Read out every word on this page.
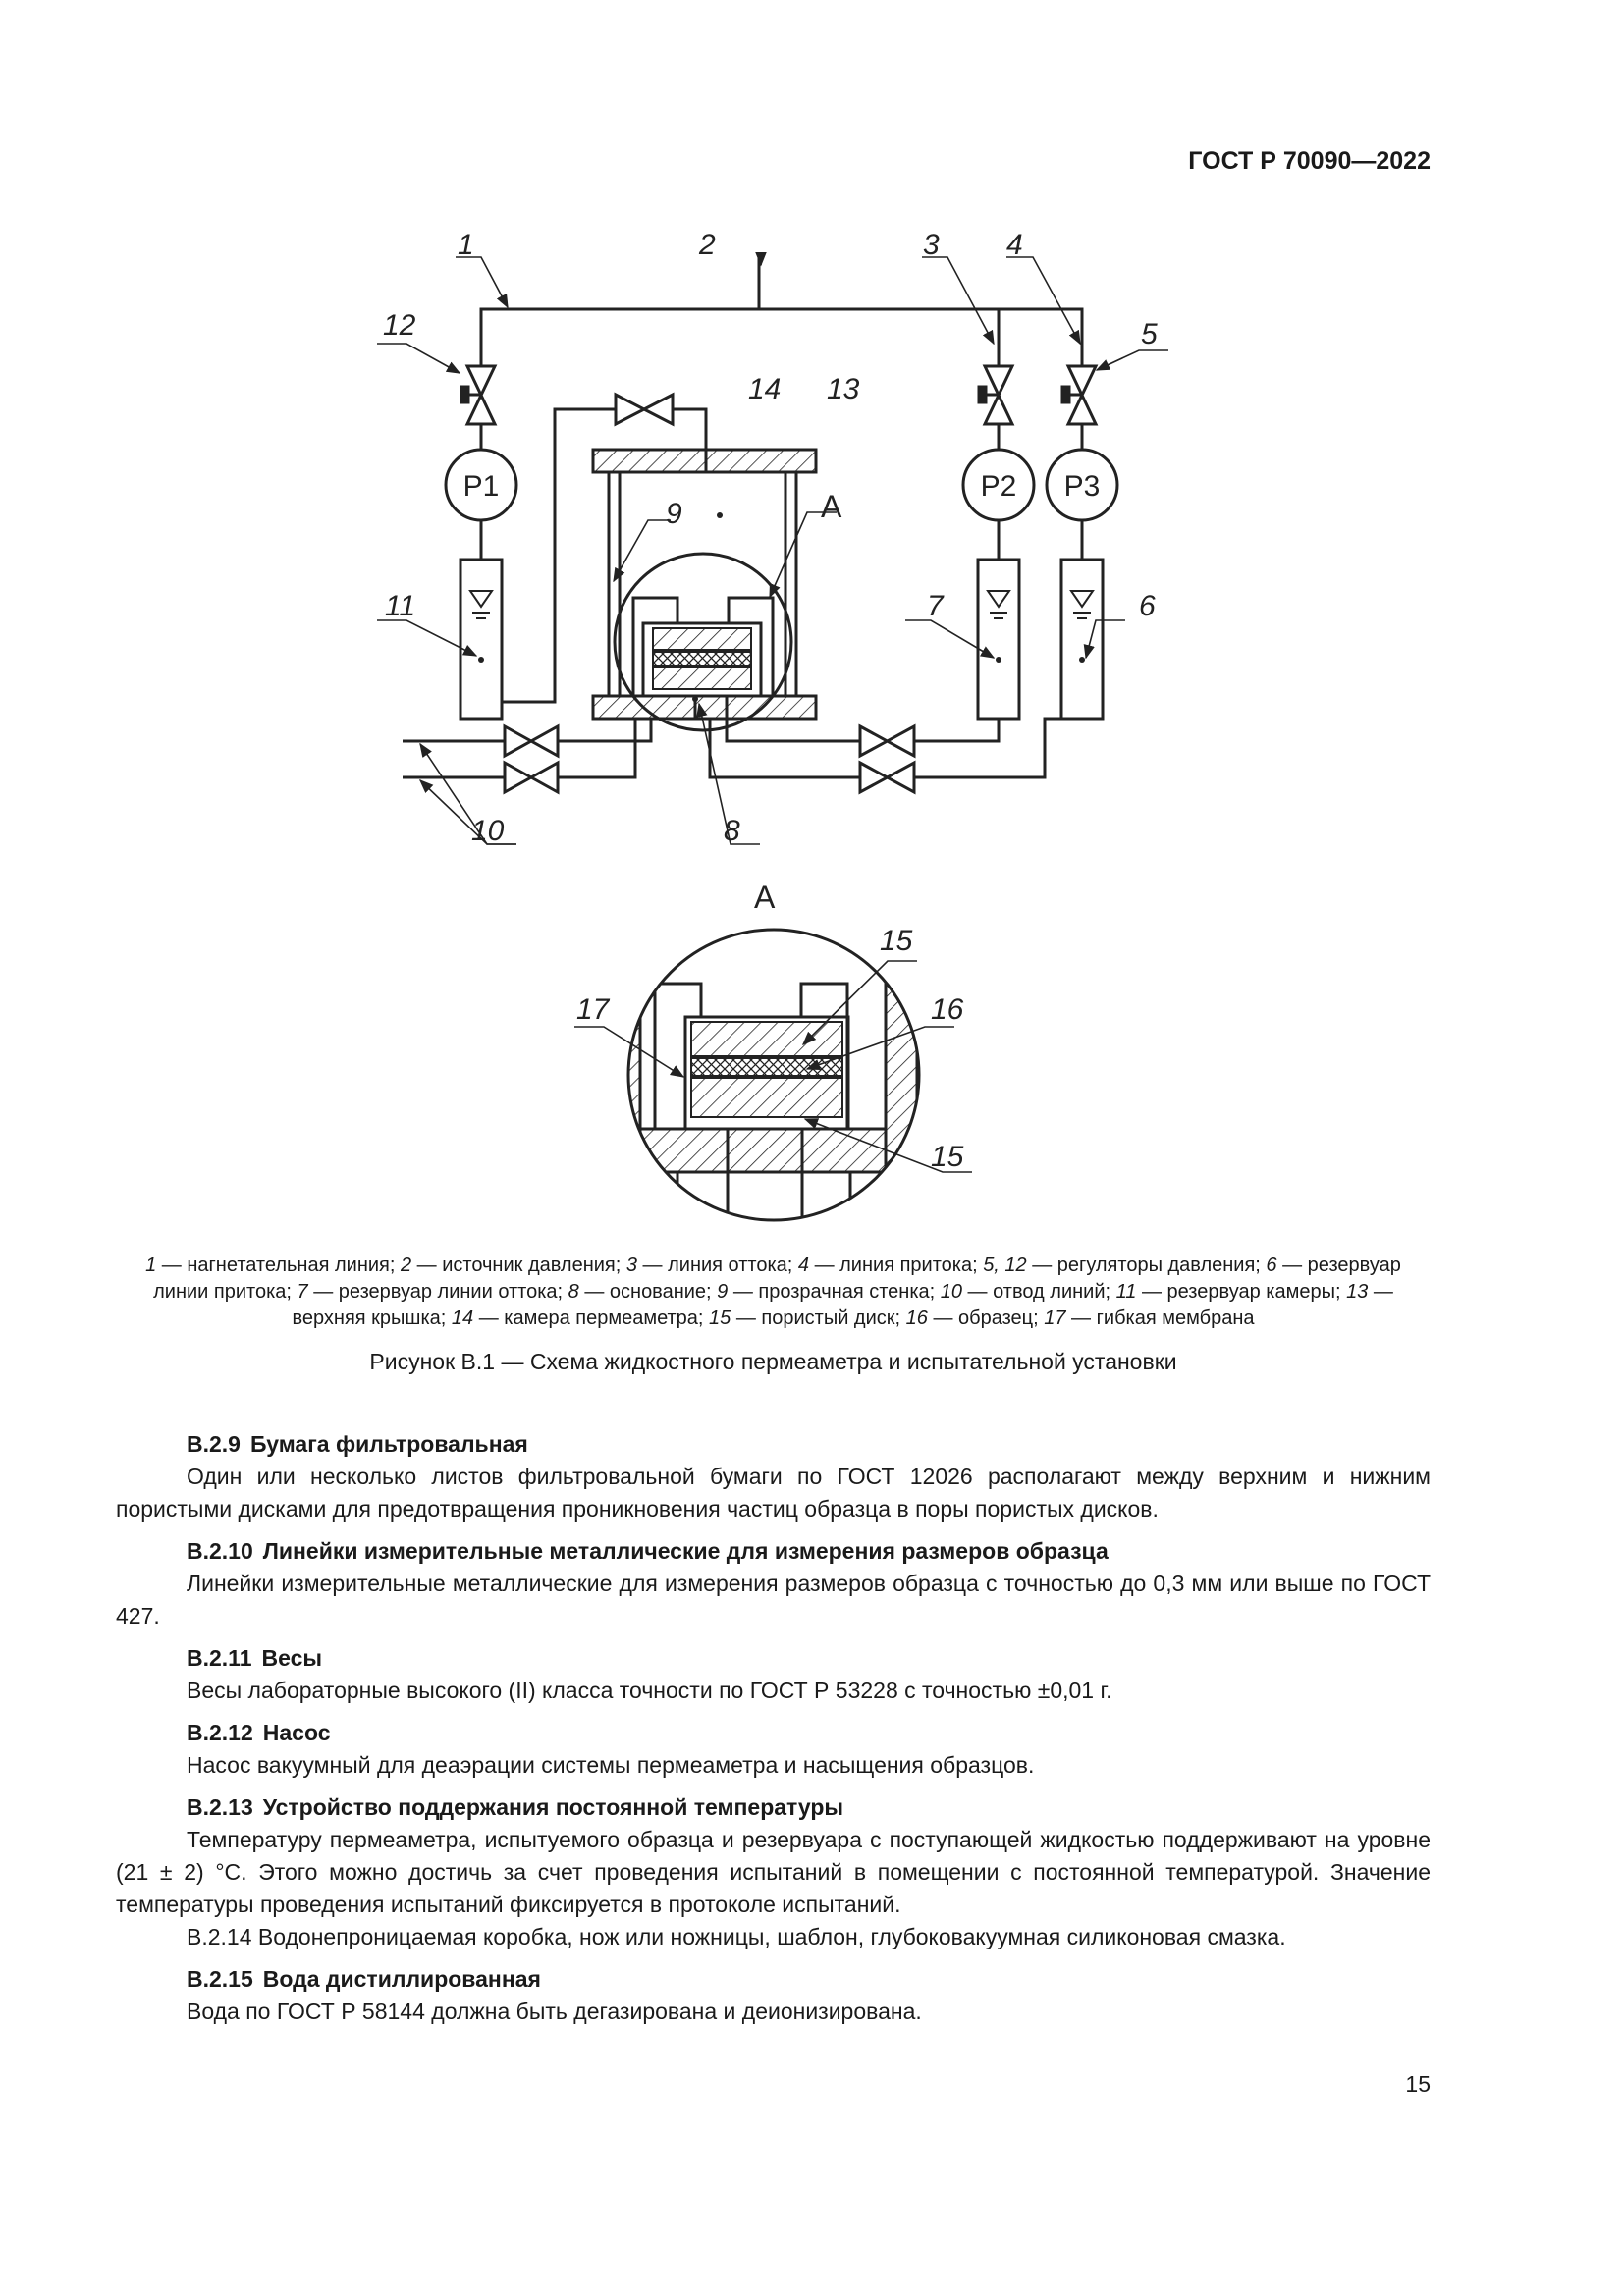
ГОСТ Р 70090—2022
1	2	3 4
5
12
14 13
9
6
7
11
10	8
А
Р1	Р2 Р3
А
15
16
17
15
1 — нагнетательная линия; 2 — источник давления; 3 — линия оттока; 4 — линия притока; 5, 12 — регуляторы давления; 6 — резервуар линии притока; 7 — резервуар линии оттока; 8 — основание; 9 — прозрачная стенка; 10 — отвод линий; 11 — резервуар камеры; 13 — верхняя крышка; 14 — камера пермеаметра; 15 — пористый диск; 16 — образец; 17 — гибкая мембрана
Рисунок В.1 — Схема жидкостного пермеаметра и испытательной установки
В.2.9 Бумага фильтровальная
Один или несколько листов фильтровальной бумаги по ГОСТ 12026 располагают между верхним и нижним пористыми дисками для предотвращения проникновения частиц образца в поры пористых дисков.
В.2.10 Линейки измерительные металлические для измерения размеров образца
Линейки измерительные металлические для измерения размеров образца с точностью до 0,3 мм или выше по ГОСТ 427.
В.2.11 Весы
Весы лабораторные высокого (II) класса точности по ГОСТ Р 53228 с точностью ±0,01 г.
В.2.12 Насос
Насос вакуумный для деаэрации системы пермеаметра и насыщения образцов.
В.2.13 Устройство поддержания постоянной температуры
Температуру пермеаметра, испытуемого образца и резервуара с поступающей жидкостью поддерживают на уровне (21 ± 2) °С. Этого можно достичь за счет проведения испытаний в помещении с постоянной температурой. Значение температуры проведения испытаний фиксируется в протоколе испытаний.
В.2.14 Водонепроницаемая коробка, нож или ножницы, шаблон, глубоковакуумная силиконовая смазка.
В.2.15 Вода дистиллированная
Вода по ГОСТ Р 58144 должна быть дегазирована и деионизирована.
15
